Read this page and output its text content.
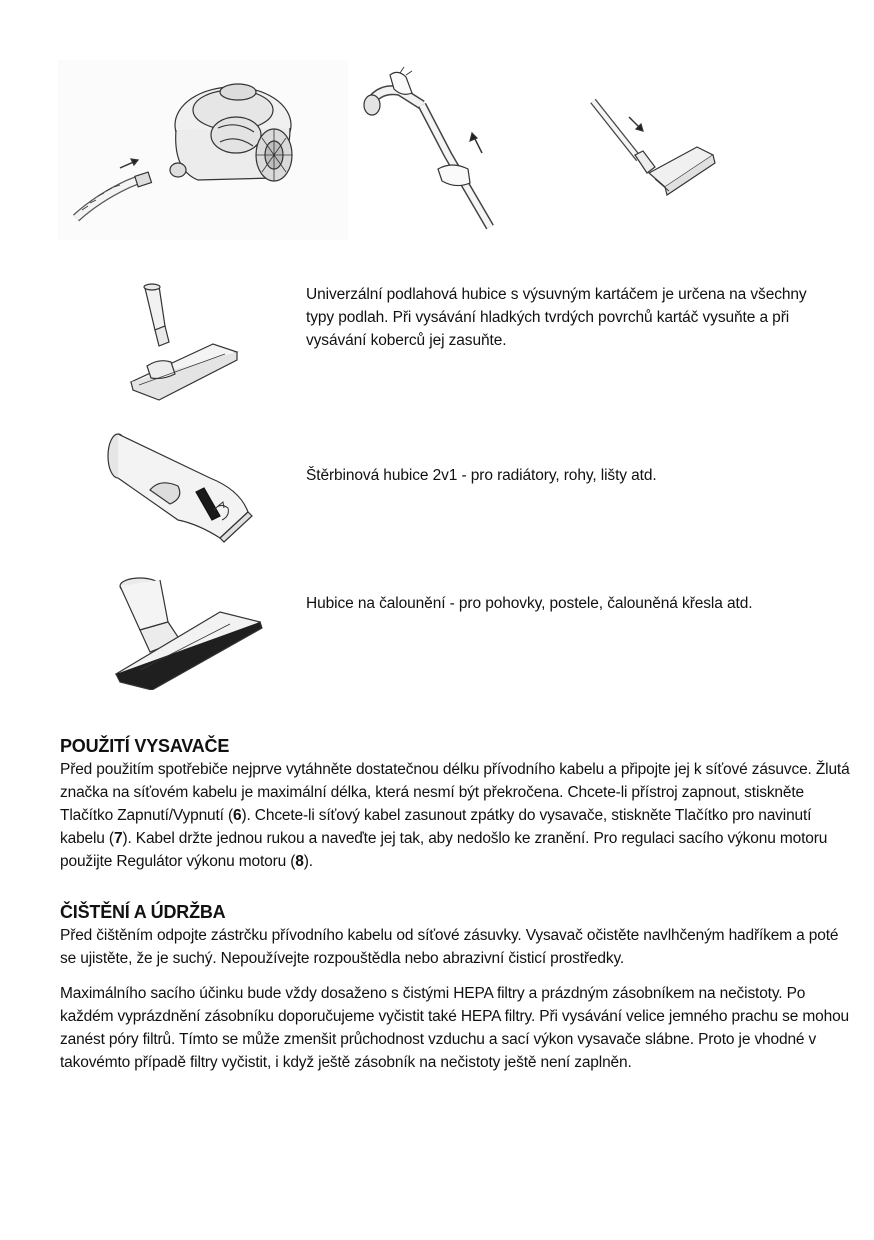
Univerzální podlahová hubice s výsuvným kartáčem je určena na všechny typy podlah. Při vysávání hladkých tvrdých povrchů kartáč vysuňte a při vysávání koberců jej zasuňte.
Štěrbinová hubice 2v1 - pro radiátory, rohy, lišty atd.
Hubice na čalounění - pro pohovky, postele, čalouněná křesla atd.
POUŽITÍ VYSAVAČE

Před použitím spotřebiče nejprve vytáhněte dostatečnou délku přívodního kabelu a připojte jej k síťové zásuvce. Žlutá značka na síťovém kabelu je maximální délka, která nesmí být překročena. Chcete-li přístroj zapnout, stiskněte Tlačítko Zapnutí/Vypnutí (6). Chcete-li síťový kabel zasunout zpátky do vysavače, stiskněte Tlačítko pro navinutí kabelu (7). Kabel držte jednou rukou a naveďte jej tak, aby nedošlo ke zranění. Pro regulaci sacího výkonu motoru použijte Regulátor výkonu motoru (8).

ČIŠTĚNÍ A ÚDRŽBA

Před čištěním odpojte zástrčku přívodního kabelu od síťové zásuvky. Vysavač očistěte navlhčeným hadříkem a poté se ujistěte, že je suchý. Nepoužívejte rozpouštědla nebo abrazivní čisticí prostředky.

Maximálního sacího účinku bude vždy dosaženo s čistými HEPA filtry a prázdným zásobníkem na nečistoty. Po každém vyprázdnění zásobníku doporučujeme vyčistit také HEPA filtry. Při vysávání velice jemného prachu se mohou zanést póry filtrů. Tímto se může zmenšit průchodnost vzduchu a sací výkon vysavače slábne. Proto je vhodné v takovémto případě filtry vyčistit, i když ještě zásobník na nečistoty ještě není zaplněn.
